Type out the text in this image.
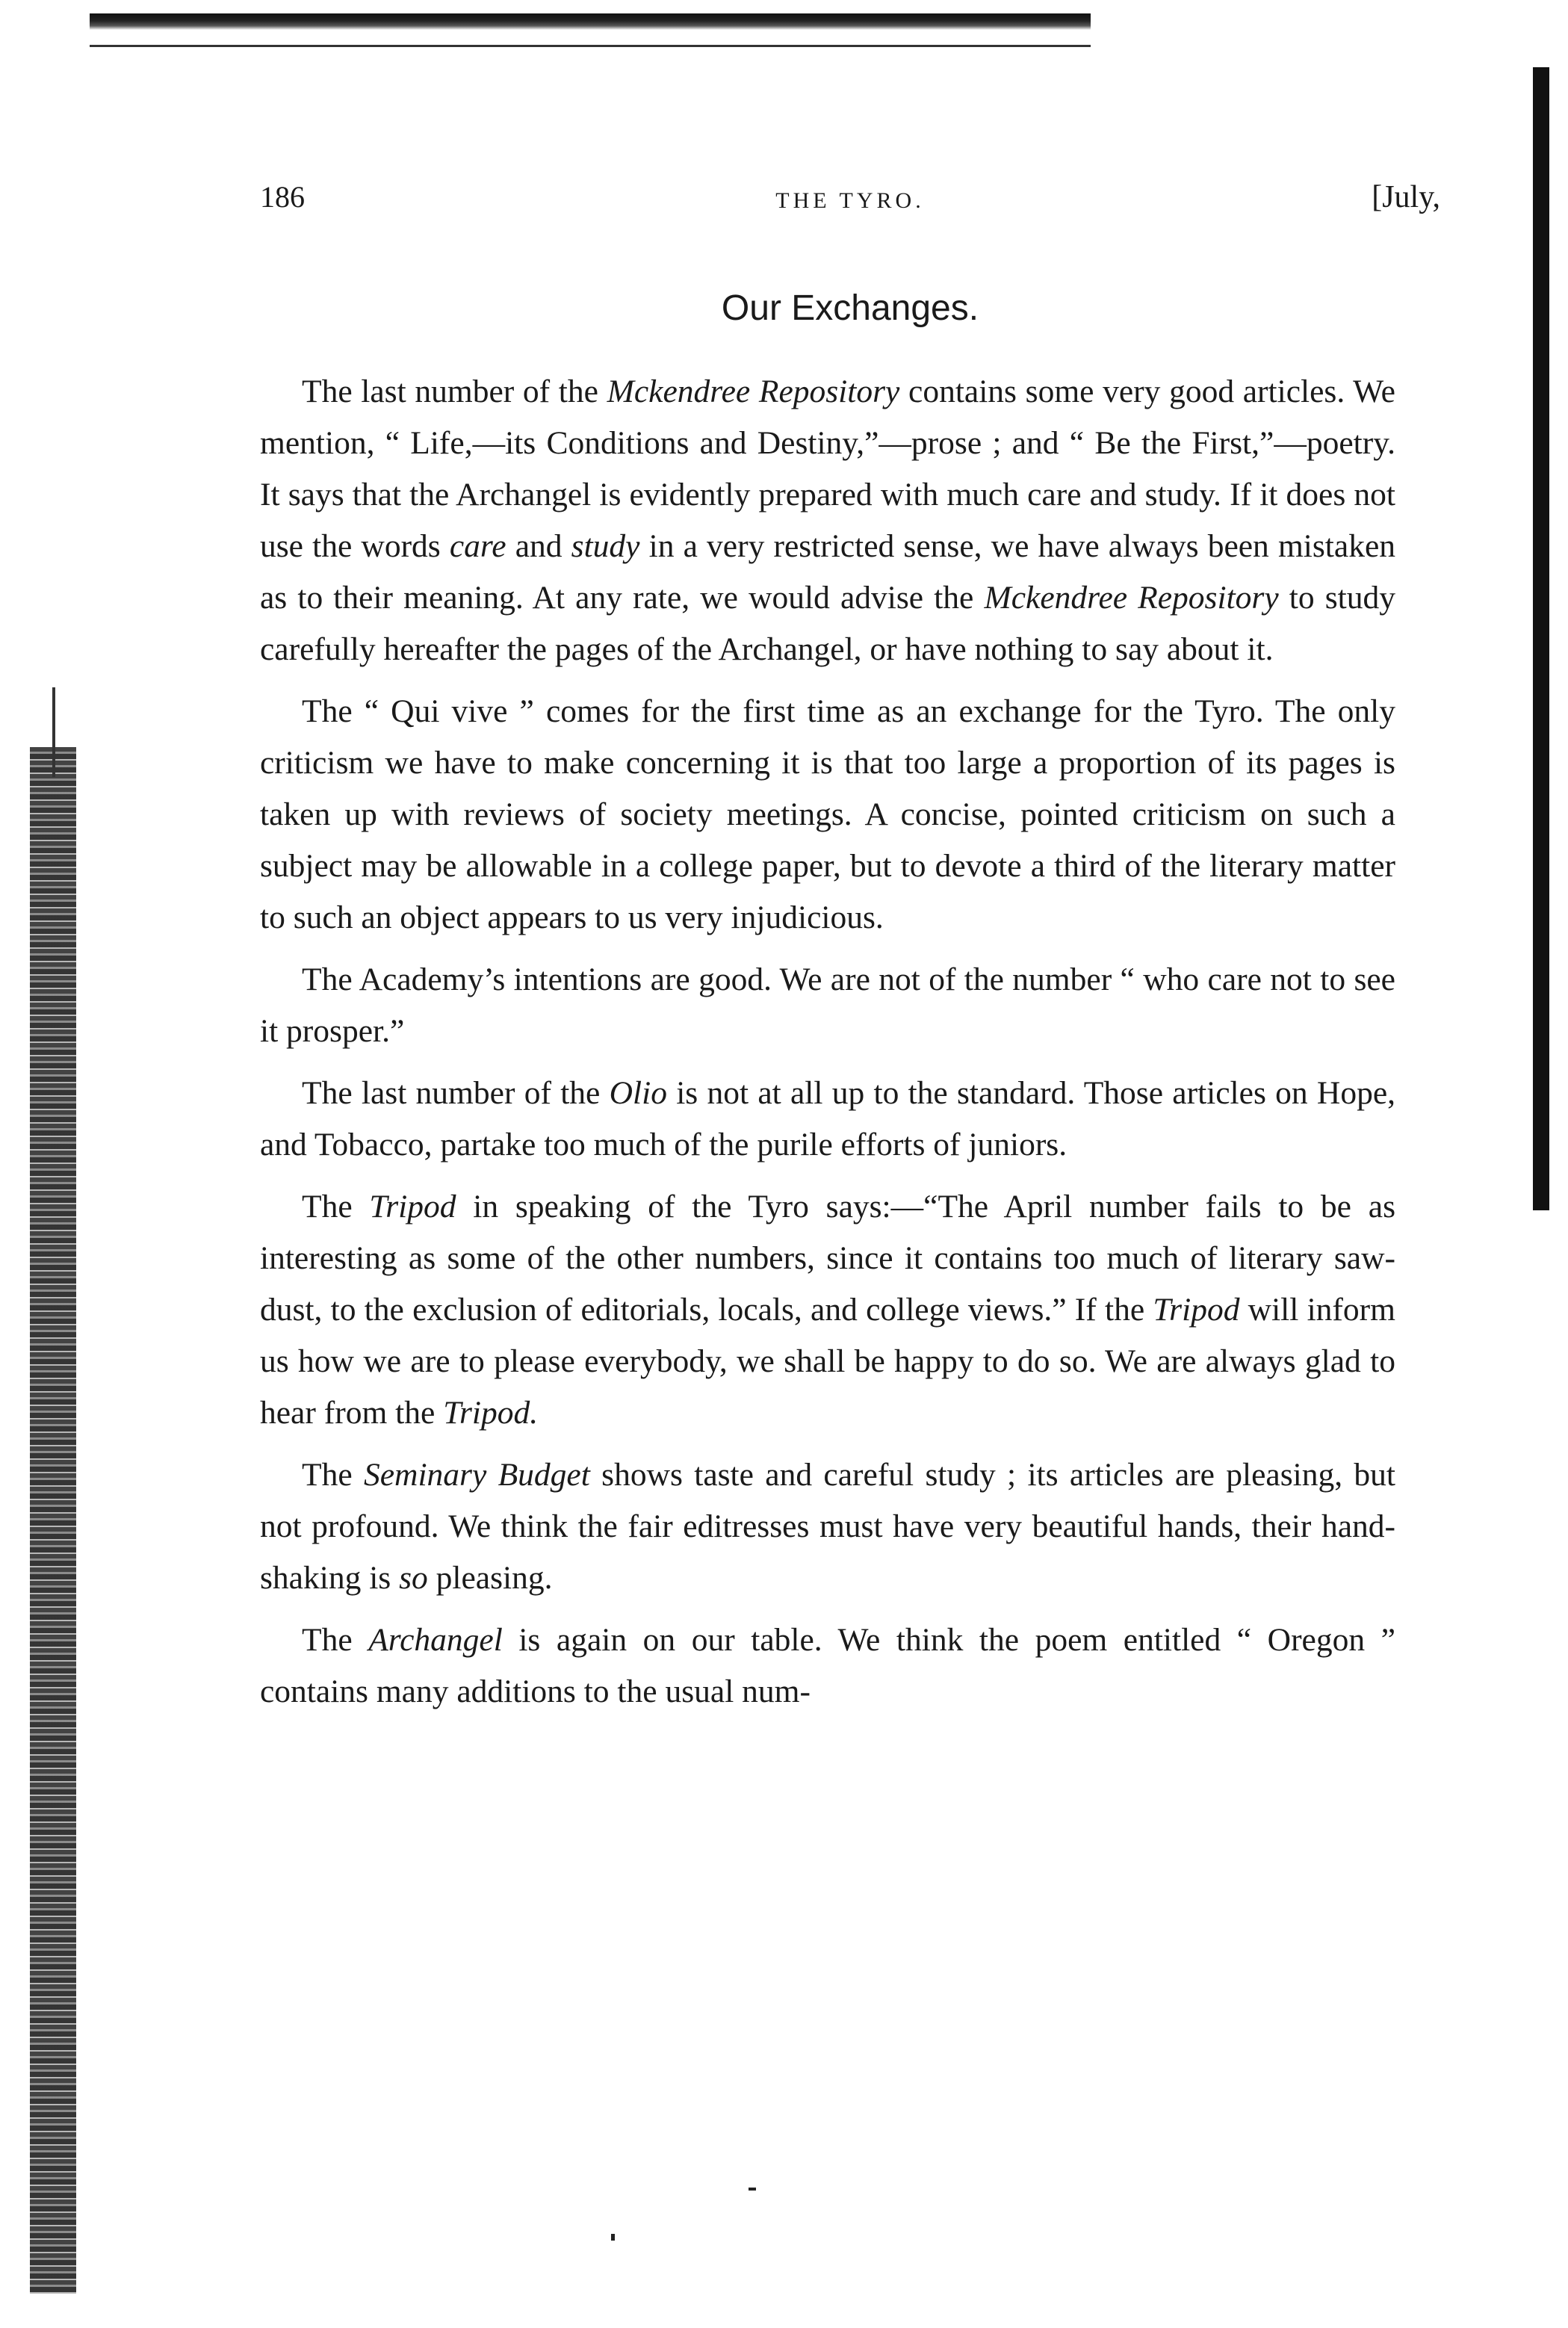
186	THE TYRO.	[July,
Our Exchanges.

The last number of the Mckendree Repository contains some very good articles. We mention, “ Life,—its Conditions and Destiny,”—prose ; and “ Be the First,”—poetry. It says that the Archangel is evidently prepared with much care and study. If it does not use the words care and study in a very restricted sense, we have always been mistaken as to their meaning. At any rate, we would advise the Mckendree Repository to study carefully hereafter the pages of the Archangel, or have nothing to say about it.

The “ Qui vive ” comes for the first time as an exchange for the Tyro. The only criticism we have to make concerning it is that too large a proportion of its pages is taken up with reviews of society meetings. A concise, pointed criticism on such a subject may be allowable in a college paper, but to devote a third of the literary matter to such an object appears to us very injudicious.

The Academy’s intentions are good. We are not of the number “ who care not to see it prosper.”

The last number of the Olio is not at all up to the standard. Those articles on Hope, and Tobacco, partake too much of the purile efforts of juniors.

The Tripod in speaking of the Tyro says:—“The April number fails to be as interesting as some of the other numbers, since it contains too much of literary saw-dust, to the exclusion of editorials, locals, and college views.” If the Tripod will inform us how we are to please everybody, we shall be happy to do so. We are always glad to hear from the Tripod.

The Seminary Budget shows taste and careful study ; its articles are pleasing, but not profound. We think the fair editresses must have very beautiful hands, their hand-shaking is so pleasing.

The Archangel is again on our table. We think the poem entitled “ Oregon ” contains many additions to the usual num-
